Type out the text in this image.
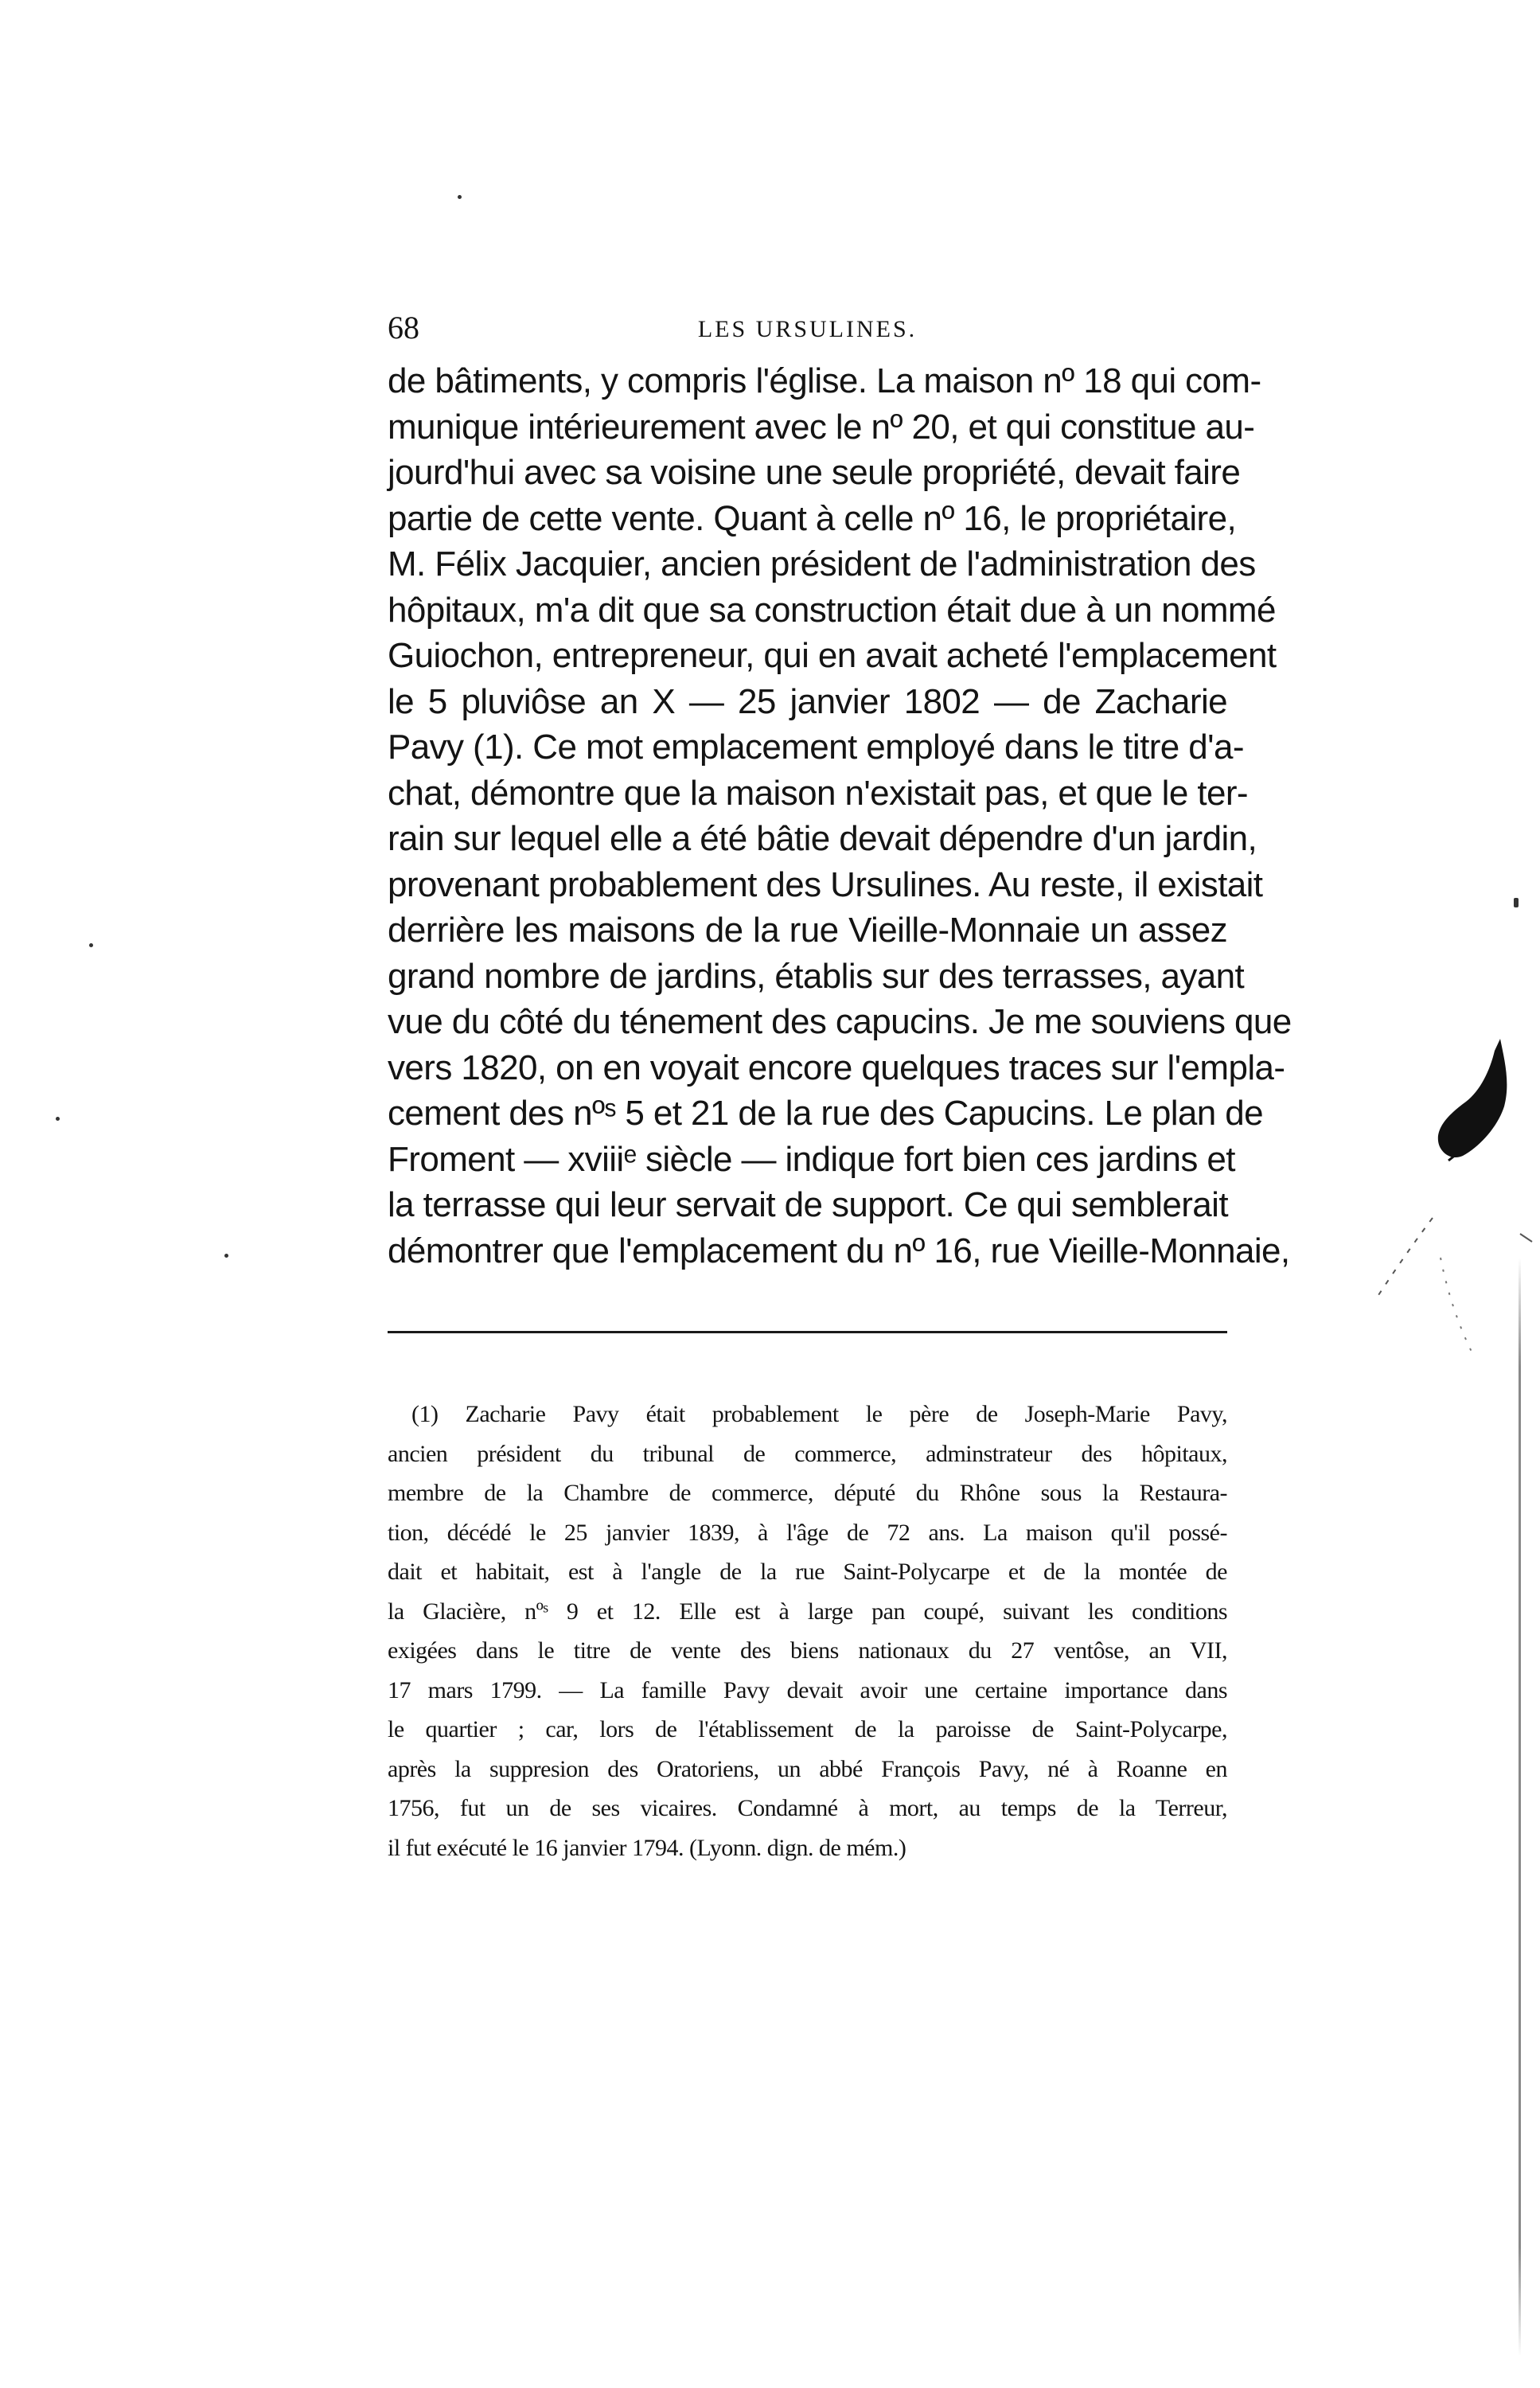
68	LES URSULINES.
de bâtiments, y compris l'église. La maison nº 18 qui com-
munique intérieurement avec le nº 20, et qui constitue au-
jourd'hui avec sa voisine une seule propriété, devait faire
partie de cette vente. Quant à celle nº 16, le propriétaire,
M. Félix Jacquier, ancien président de l'administration des
hôpitaux, m'a dit que sa construction était due à un nommé
Guiochon, entrepreneur, qui en avait acheté l'emplacement
le 5 pluviôse an X — 25 janvier 1802 — de Zacharie
Pavy (1). Ce mot emplacement employé dans le titre d'a-
chat, démontre que la maison n'existait pas, et que le ter-
rain sur lequel elle a été bâtie devait dépendre d'un jardin,
provenant probablement des Ursulines. Au reste, il existait
derrière les maisons de la rue Vieille-Monnaie un assez
grand nombre de jardins, établis sur des terrasses, ayant
vue du côté du ténement des capucins. Je me souviens que
vers 1820, on en voyait encore quelques traces sur l'empla-
cement des nºˢ 5 et 21 de la rue des Capucins. Le plan de
Froment — xviiiᵉ siècle — indique fort bien ces jardins et
la terrasse qui leur servait de support. Ce qui semblerait
démontrer que l'emplacement du nº 16, rue Vieille-Monnaie,
(1) Zacharie Pavy était probablement le père de Joseph-Marie Pavy,
ancien président du tribunal de commerce, adminstrateur des hôpitaux,
membre de la Chambre de commerce, député du Rhône sous la Restaura-
tion, décédé le 25 janvier 1839, à l'âge de 72 ans. La maison qu'il possé-
dait et habitait, est à l'angle de la rue Saint-Polycarpe et de la montée de
la Glacière, nºˢ 9 et 12. Elle est à large pan coupé, suivant les conditions
exigées dans le titre de vente des biens nationaux du 27 ventôse, an VII,
17 mars 1799. — La famille Pavy devait avoir une certaine importance dans
le quartier ; car, lors de l'établissement de la paroisse de Saint-Polycarpe,
après la suppresion des Oratoriens, un abbé François Pavy, né à Roanne en
1756, fut un de ses vicaires. Condamné à mort, au temps de la Terreur,
il fut exécuté le 16 janvier 1794. (Lyonn. dign. de mém.)
